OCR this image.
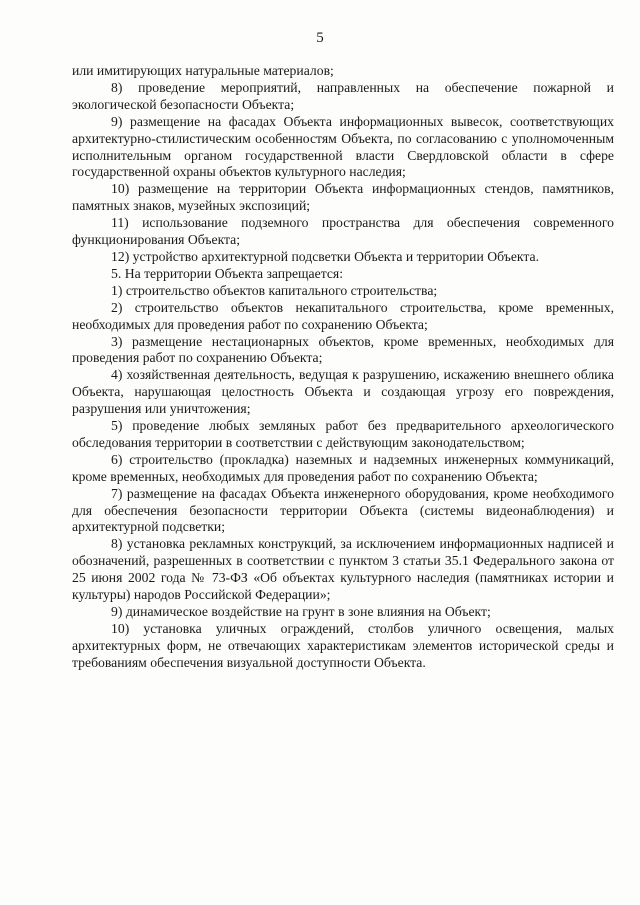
5

или имитирующих натуральные материалов;

8) проведение мероприятий, направленных на обеспечение пожарной и экологической безопасности Объекта;

9) размещение на фасадах Объекта информационных вывесок, соответствующих архитектурно-стилистическим особенностям Объекта, по согласованию с уполномоченным исполнительным органом государственной власти Свердловской области в сфере государственной охраны объектов культурного наследия;

10) размещение на территории Объекта информационных стендов, памятников, памятных знаков, музейных экспозиций;

11) использование подземного пространства для обеспечения современного функционирования Объекта;

12) устройство архитектурной подсветки Объекта и территории Объекта.

5. На территории Объекта запрещается:

1) строительство объектов капитального строительства;

2) строительство объектов некапитального строительства, кроме временных, необходимых для проведения работ по сохранению Объекта;

3) размещение нестационарных объектов, кроме временных, необходимых для проведения работ по сохранению Объекта;

4) хозяйственная деятельность, ведущая к разрушению, искажению внешнего облика Объекта, нарушающая целостность Объекта и создающая угрозу его повреждения, разрушения или уничтожения;

5) проведение любых земляных работ без предварительного археологического обследования территории в соответствии с действующим законодательством;

6) строительство (прокладка) наземных и надземных инженерных коммуникаций, кроме временных, необходимых для проведения работ по сохранению Объекта;

7) размещение на фасадах Объекта инженерного оборудования, кроме необходимого для обеспечения безопасности территории Объекта (системы видеонаблюдения) и архитектурной подсветки;

8) установка рекламных конструкций, за исключением информационных надписей и обозначений, разрешенных в соответствии с пунктом 3 статьи 35.1 Федерального закона от 25 июня 2002 года № 73-ФЗ «Об объектах культурного наследия (памятниках истории и культуры) народов Российской Федерации»;

9) динамическое воздействие на грунт в зоне влияния на Объект;

10) установка уличных ограждений, столбов уличного освещения, малых архитектурных форм, не отвечающих характеристикам элементов исторической среды и требованиям обеспечения визуальной доступности Объекта.
